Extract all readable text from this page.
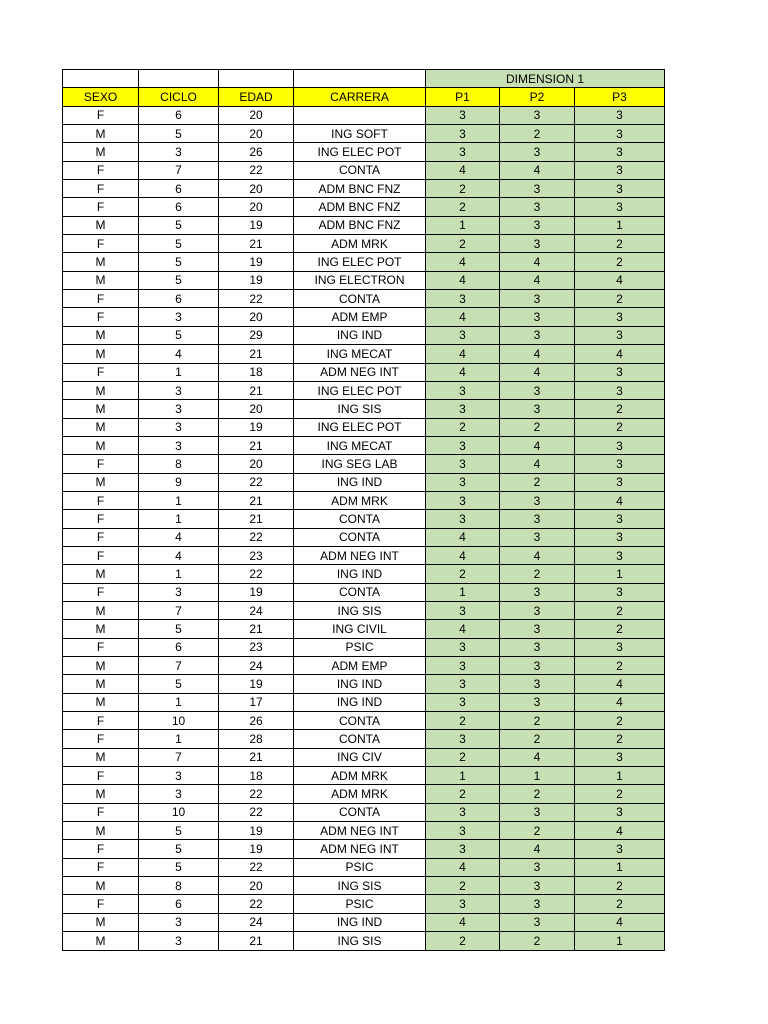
				DIMENSION 1		
SEXO	CICLO	EDAD	CARRERA	P1	P2	P3
F	6	20		3	3	3
M	5	20	ING SOFT	3	2	3
M	3	26	ING ELEC POT	3	3	3
F	7	22	CONTA	4	4	3
F	6	20	ADM BNC FNZ	2	3	3
F	6	20	ADM BNC FNZ	2	3	3
M	5	19	ADM BNC FNZ	1	3	1
F	5	21	ADM MRK	2	3	2
M	5	19	ING ELEC POT	4	4	2
M	5	19	ING ELECTRON	4	4	4
F	6	22	CONTA	3	3	2
F	3	20	ADM EMP	4	3	3
M	5	29	ING IND	3	3	3
M	4	21	ING MECAT	4	4	4
F	1	18	ADM NEG INT	4	4	3
M	3	21	ING ELEC POT	3	3	3
M	3	20	ING SIS	3	3	2
M	3	19	ING ELEC POT	2	2	2
M	3	21	ING MECAT	3	4	3
F	8	20	ING SEG LAB	3	4	3
M	9	22	ING IND	3	2	3
F	1	21	ADM MRK	3	3	4
F	1	21	CONTA	3	3	3
F	4	22	CONTA	4	3	3
F	4	23	ADM NEG INT	4	4	3
M	1	22	ING IND	2	2	1
F	3	19	CONTA	1	3	3
M	7	24	ING SIS	3	3	2
M	5	21	ING CIVIL	4	3	2
F	6	23	PSIC	3	3	3
M	7	24	ADM EMP	3	3	2
M	5	19	ING IND	3	3	4
M	1	17	ING IND	3	3	4
F	10	26	CONTA	2	2	2
F	1	28	CONTA	3	2	2
M	7	21	ING CIV	2	4	3
F	3	18	ADM MRK	1	1	1
M	3	22	ADM MRK	2	2	2
F	10	22	CONTA	3	3	3
M	5	19	ADM NEG INT	3	2	4
F	5	19	ADM NEG INT	3	4	3
F	5	22	PSIC	4	3	1
M	8	20	ING SIS	2	3	2
F	6	22	PSIC	3	3	2
M	3	24	ING IND	4	3	4
M	3	21	ING SIS	2	2	1
